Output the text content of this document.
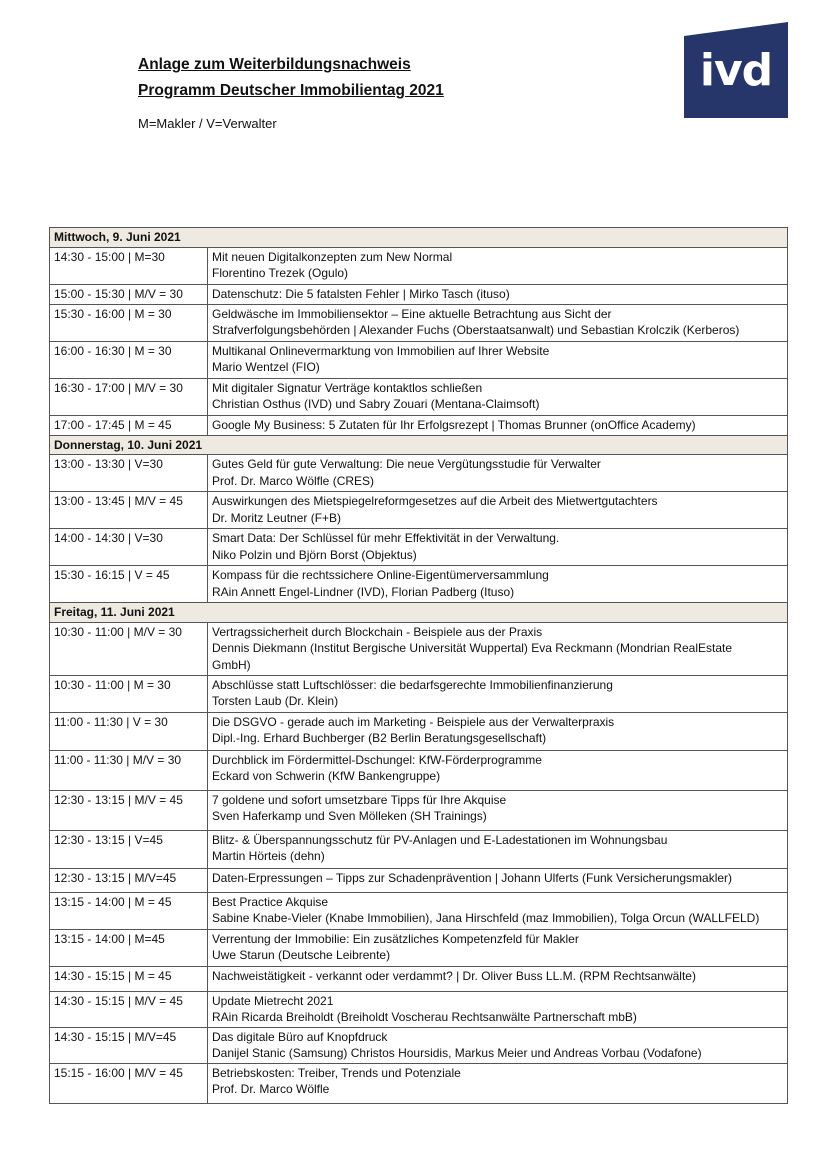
Anlage zum Weiterbildungsnachweis

Programm Deutscher Immobilientag 2021

M=Makler / V=Verwalter
ivd
Mittwoch, 9. Juni 2021	
14:30 - 15:00 | M=30	Mit neuen Digitalkonzepten zum New Normal
Florentino Trezek (Ogulo)

15:00 - 15:30 | M/V = 30	Datenschutz: Die 5 fatalsten Fehler | Mirko Tasch (ituso)

15:30 - 16:00 | M = 30	Geldwäsche im Immobiliensektor – Eine aktuelle Betrachtung aus Sicht der
Strafverfolgungsbehörden | Alexander Fuchs (Oberstaatsanwalt) und Sebastian Krolczik (Kerberos)

16:00 - 16:30 | M = 30	Multikanal Onlinevermarktung von Immobilien auf Ihrer Website
Mario Wentzel (FIO)

16:30 - 17:00 | M/V = 30	Mit digitaler Signatur Verträge kontaktlos schließen
Christian Osthus (IVD) und Sabry Zouari (Mentana-Claimsoft)

17:00 - 17:45 | M = 45	Google My Business: 5 Zutaten für Ihr Erfolgsrezept | Thomas Brunner (onOffice Academy)

Donnerstag, 10. Juni 2021	
13:00 - 13:30 | V=30	Gutes Geld für gute Verwaltung: Die neue Vergütungsstudie für Verwalter
Prof. Dr. Marco Wölfle (CRES)

13:00 - 13:45 | M/V = 45	Auswirkungen des Mietspiegelreformgesetzes auf die Arbeit des Mietwertgutachters
Dr. Moritz Leutner (F+B)

14:00 - 14:30 | V=30	Smart Data: Der Schlüssel für mehr Effektivität in der Verwaltung.
Niko Polzin und Björn Borst (Objektus)

15:30 - 16:15 | V = 45	Kompass für die rechtssichere Online-Eigentümerversammlung
RAin Annett Engel-Lindner (IVD), Florian Padberg (Ituso)

Freitag, 11. Juni 2021	
10:30 - 11:00 | M/V = 30	Vertragssicherheit durch Blockchain - Beispiele aus der Praxis
Dennis Diekmann (Institut Bergische Universität Wuppertal) Eva Reckmann (Mondrian RealEstate
GmbH)

10:30 - 11:00 | M = 30	Abschlüsse statt Luftschlösser: die bedarfsgerechte Immobilienfinanzierung
Torsten Laub (Dr. Klein)

11:00 - 11:30 | V = 30	Die DSGVO - gerade auch im Marketing - Beispiele aus der Verwalterpraxis
Dipl.-Ing. Erhard Buchberger (B2 Berlin Beratungsgesellschaft)

11:00 - 11:30 | M/V = 30	Durchblick im Fördermittel-Dschungel: KfW-Förderprogramme
Eckard von Schwerin (KfW Bankengruppe)

12:30 - 13:15 | M/V = 45	7 goldene und sofort umsetzbare Tipps für Ihre Akquise
Sven Haferkamp und Sven Mölleken (SH Trainings)

12:30 - 13:15 | V=45	Blitz- & Überspannungsschutz für PV-Anlagen und E-Ladestationen im Wohnungsbau
Martin Hörteis (dehn)

12:30 - 13:15 | M/V=45	Daten-Erpressungen – Tipps zur Schadenprävention | Johann Ulferts (Funk Versicherungsmakler)

13:15 - 14:00 | M = 45	Best Practice Akquise
Sabine Knabe-Vieler (Knabe Immobilien), Jana Hirschfeld (maz Immobilien), Tolga Orcun (WALLFELD)

13:15 - 14:00 | M=45	Verrentung der Immobilie: Ein zusätzliches Kompetenzfeld für Makler
Uwe Starun (Deutsche Leibrente)

14:30 - 15:15 | M = 45	Nachweistätigkeit - verkannt oder verdammt? | Dr. Oliver Buss LL.M. (RPM Rechtsanwälte)

14:30 - 15:15 | M/V = 45	Update Mietrecht 2021
RAin Ricarda Breiholdt (Breiholdt Voscherau Rechtsanwälte Partnerschaft mbB)

14:30 - 15:15 | M/V=45	Das digitale Büro auf Knopfdruck
Danijel Stanic (Samsung) Christos Hoursidis, Markus Meier und Andreas Vorbau (Vodafone)

15:15 - 16:00 | M/V = 45	Betriebskosten: Treiber, Trends und Potenziale
Prof. Dr. Marco Wölfle
